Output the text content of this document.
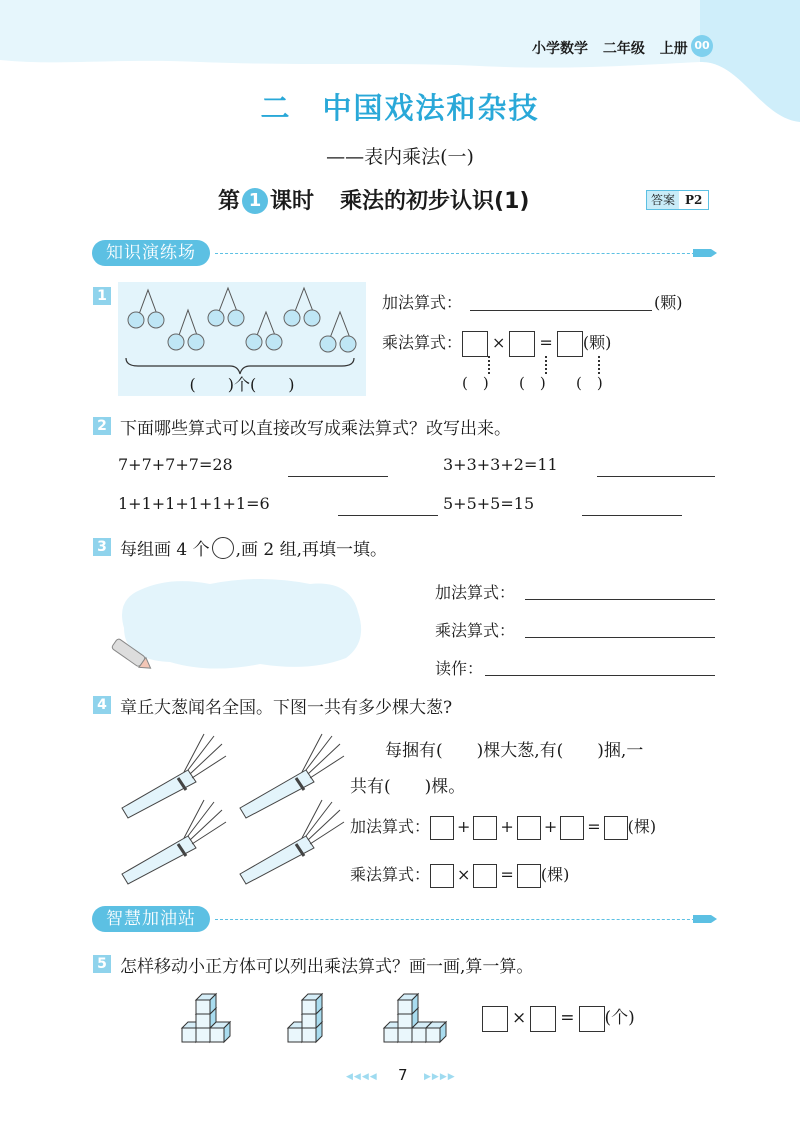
小学数学 二年级 上册 00
二　中国戏法和杂技
——表内乘法(一)
第 1 课时 乘法的初步认识(1)	答案 P2
知识演练场
1
(　　)个(　　)
加法算式：	(颗)
乘法算式： × = (颗)
(　) (　) (　)
2 下面哪些算式可以直接改写成乘法算式？改写出来。
7+7+7+7=28	3+3+3+2=11
1+1+1+1+1+1=6	5+5+5=15
3 每组画 4 个 ,画 2 组,再填一填。
加法算式：
乘法算式：
读作：
4 章丘大葱闻名全国。下图一共有多少棵大葱?
每捆有(　　)棵大葱,有(　　)捆,一
共有(　　)棵。
加法算式： + + + = (棵)
乘法算式： × = (棵)
智慧加油站
5 怎样移动小正方体可以列出乘法算式？画一画,算一算。
× = (个)
◀◀◀◀ 7 ▶▶▶▶
